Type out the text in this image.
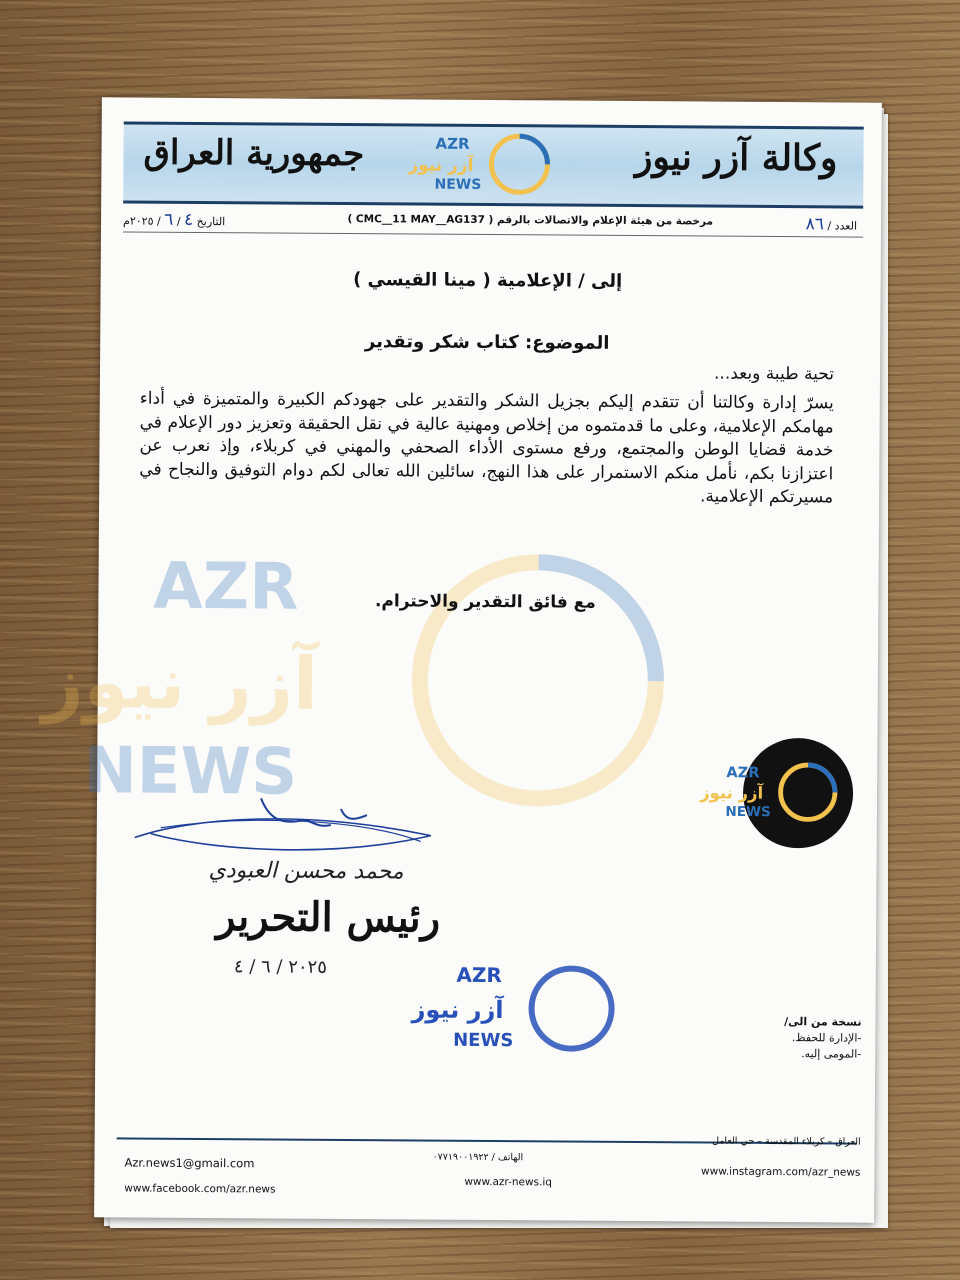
وكالة آزر نيوز
AZR
آزر نيوز
NEWS
جمهورية العراق
العدد / ٨٦
مرخصة من هيئة الإعلام والاتصالات بالرقم ( CMC__11 MAY__AG137 )
التاريخ ٤ / ٦ / ٢٠٢٥م
AZR
آزر نيوز
NEWS
إلى / الإعلامية ( مينا القيسي )
الموضوع: كتاب شكر وتقدير
تحية طيبة وبعد...
يسرّ إدارة وكالتنا أن تتقدم إليكم بجزيل الشكر والتقدير على جهودكم الكبيرة والمتميزة في أداء مهامكم الإعلامية، وعلى ما قدمتموه من إخلاص ومهنية عالية في نقل الحقيقة وتعزيز دور الإعلام في خدمة قضايا الوطن والمجتمع، ورفع مستوى الأداء الصحفي والمهني في كربلاء، وإذ نعرب عن اعتزازنا بكم، نأمل منكم الاستمرار على هذا النهج، سائلين الله تعالى لكم دوام التوفيق والنجاح في مسيرتكم الإعلامية.
مع فائق التقدير والاحترام.
AZR
آزر نيوز
NEWS
محمد محسن العبودي
رئيس التحرير
٢٠٢٥ / ٦ / ٤	AZR
آزر نيوز
NEWS
نسخة من الى/
-الإدارة للحفظ.
-المومى إليه.
العراق – كربلاء المقدسة – حي العامل
الهاتف / ٠٧٧١٩٠٠١٩٢٢
Azr.news1@gmail.com
www.azr-news.iq
www.instagram.com/azr_news
www.facebook.com/azr.news
